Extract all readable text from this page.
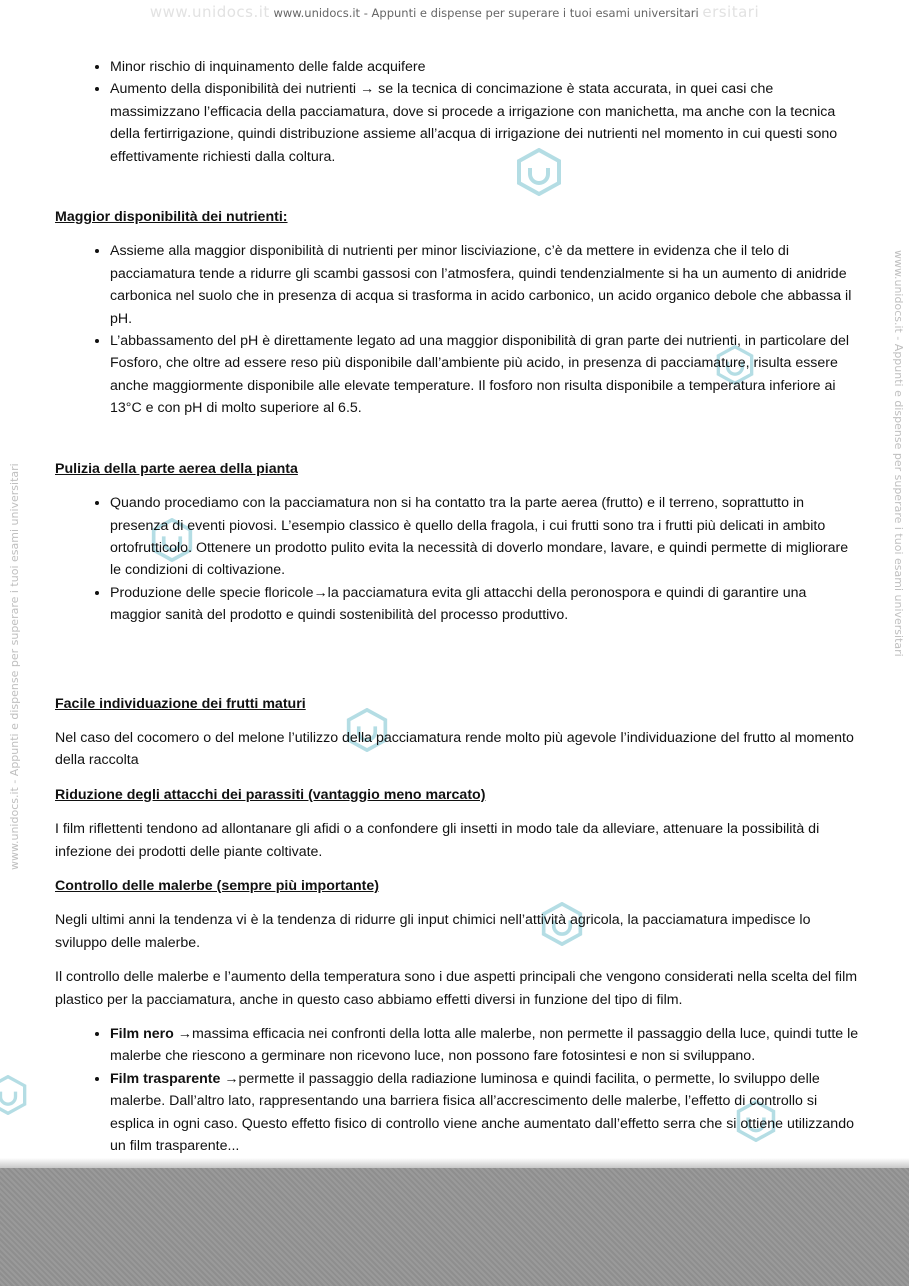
www.unidocs.it www.unidocs.it - Appunti e dispense per superare i tuoi esami universitari ersitari
www.unidocs.it - Appunti e dispense per superare i tuoi esami universitari
www.unidocs.it - Appunti e dispense per superare i tuoi esami universitari
• Minor rischio di inquinamento delle falde acquifere
• Aumento della disponibilità dei nutrienti → se la tecnica di concimazione è stata accurata, in quei casi che massimizzano l’efficacia della pacciamatura, dove si procede a irrigazione con manichetta, ma anche con la tecnica della fertirrigazione, quindi distribuzione assieme all’acqua di irrigazione dei nutrienti nel momento in cui questi sono effettivamente richiesti dalla coltura.

Maggior disponibilità dei nutrienti:

• Assieme alla maggior disponibilità di nutrienti per minor lisciviazione, c’è da mettere in evidenza che il telo di pacciamatura tende a ridurre gli scambi gassosi con l’atmosfera, quindi tendenzialmente si ha un aumento di anidride carbonica nel suolo che in presenza di acqua si trasforma in acido carbonico, un acido organico debole che abbassa il pH.
• L’abbassamento del pH è direttamente legato ad una maggior disponibilità di gran parte dei nutrienti, in particolare del Fosforo, che oltre ad essere reso più disponibile dall’ambiente più acido, in presenza di pacciamature, risulta essere anche maggiormente disponibile alle elevate temperature. Il fosforo non risulta disponibile a temperatura inferiore ai 13°C e con pH di molto superiore al 6.5.

Pulizia della parte aerea della pianta

• Quando procediamo con la pacciamatura non si ha contatto tra la parte aerea (frutto) e il terreno, soprattutto in presenza di eventi piovosi. L’esempio classico è quello della fragola, i cui frutti sono tra i frutti più delicati in ambito ortofrutticolo. Ottenere un prodotto pulito evita la necessità di doverlo mondare, lavare, e quindi permette di migliorare le condizioni di coltivazione.
• Produzione delle specie floricole→la pacciamatura evita gli attacchi della peronospora e quindi di garantire una maggior sanità del prodotto e quindi sostenibilità del processo produttivo.

Facile individuazione dei frutti maturi

Nel caso del cocomero o del melone l’utilizzo della pacciamatura rende molto più agevole l’individuazione del frutto al momento della raccolta

Riduzione degli attacchi dei parassiti (vantaggio meno marcato)

I film riflettenti tendono ad allontanare gli afidi o a confondere gli insetti in modo tale da alleviare, attenuare la possibilità di infezione dei prodotti delle piante coltivate.

Controllo delle malerbe (sempre più importante)

Negli ultimi anni la tendenza vi è la tendenza di ridurre gli input chimici nell’attività agricola, la pacciamatura impedisce lo sviluppo delle malerbe.

Il controllo delle malerbe e l’aumento della temperatura sono i due aspetti principali che vengono considerati nella scelta del film plastico per la pacciamatura, anche in questo caso abbiamo effetti diversi in funzione del tipo di film.

• Film nero →massima efficacia nei confronti della lotta alle malerbe, non permette il passaggio della luce, quindi tutte le malerbe che riescono a germinare non ricevono luce, non possono fare fotosintesi e non si sviluppano.
• Film trasparente →permette il passaggio della radiazione luminosa e quindi facilita, o permette, lo sviluppo delle malerbe. Dall’altro lato, rappresentando una barriera fisica all’accrescimento delle malerbe, l’effetto di controllo si esplica in ogni caso. Questo effetto fisico di controllo viene anche aumentato dall’effetto serra che si ottiene utilizzando un film trasparente...
